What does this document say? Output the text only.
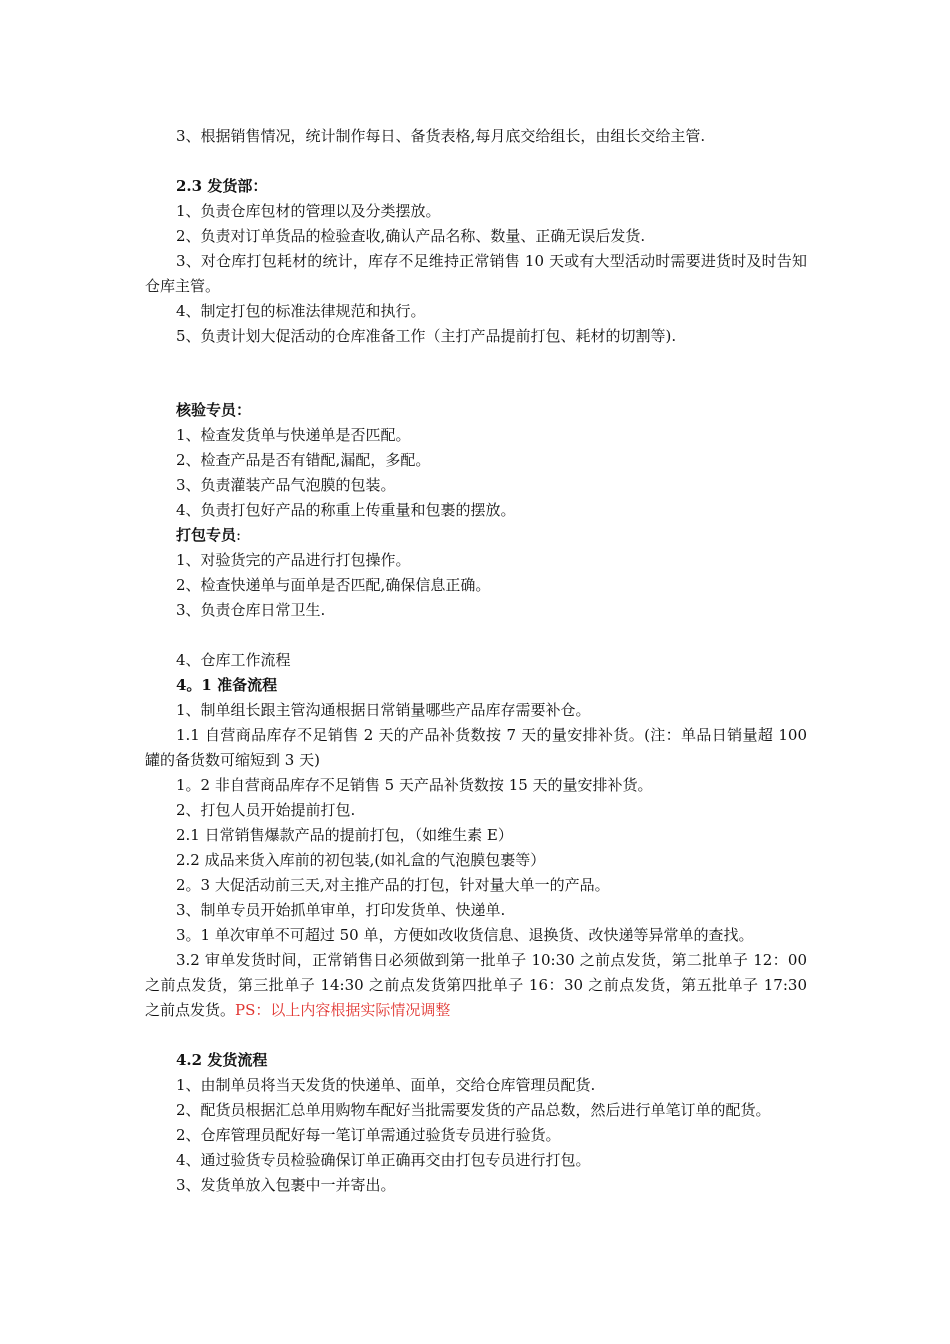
3、根据销售情况，统计制作每日、备货表格,每月底交给组长，由组长交给主管.

2.3 发货部：

1、负责仓库包材的管理以及分类摆放。

2、负责对订单货品的检验查收,确认产品名称、数量、正确无误后发货.

3、对仓库打包耗材的统计，库存不足维持正常销售 10 天或有大型活动时需要进货时及时告知仓库主管。

4、制定打包的标准法律规范和执行。

5、负责计划大促活动的仓库准备工作（主打产品提前打包、耗材的切割等).

核验专员：

1、检查发货单与快递单是否匹配。

2、检查产品是否有错配,漏配，多配。

3、负责灌装产品气泡膜的包装。

4、负责打包好产品的称重上传重量和包裹的摆放。

打包专员:

1、对验货完的产品进行打包操作。

2、检查快递单与面单是否匹配,确保信息正确。

3、负责仓库日常卫生.

4、仓库工作流程

4。1 准备流程

1、制单组长跟主管沟通根据日常销量哪些产品库存需要补仓。

1.1 自营商品库存不足销售 2 天的产品补货数按 7 天的量安排补货。(注：单品日销量超 100 罐的备货数可缩短到 3 天)

1。2 非自营商品库存不足销售 5 天产品补货数按 15 天的量安排补货。

2、打包人员开始提前打包.

2.1 日常销售爆款产品的提前打包，（如维生素 E）

2.2 成品来货入库前的初包装,(如礼盒的气泡膜包裹等）

2。3 大促活动前三天,对主推产品的打包，针对量大单一的产品。

3、制单专员开始抓单审单，打印发货单、快递单.

3。1 单次审单不可超过 50 单，方便如改收货信息、退换货、改快递等异常单的查找。

3.2 审单发货时间，正常销售日必须做到第一批单子 10:30 之前点发货，第二批单子 12：00 之前点发货，第三批单子 14:30 之前点发货第四批单子 16：30 之前点发货，第五批单子 17:30 之前点发货。PS：以上内容根据实际情况调整

4.2 发货流程

1、由制单员将当天发货的快递单、面单，交给仓库管理员配货.

2、配货员根据汇总单用购物车配好当批需要发货的产品总数，然后进行单笔订单的配货。

2、仓库管理员配好每一笔订单需通过验货专员进行验货。

4、通过验货专员检验确保订单正确再交由打包专员进行打包。

3、发货单放入包裹中一并寄出。
